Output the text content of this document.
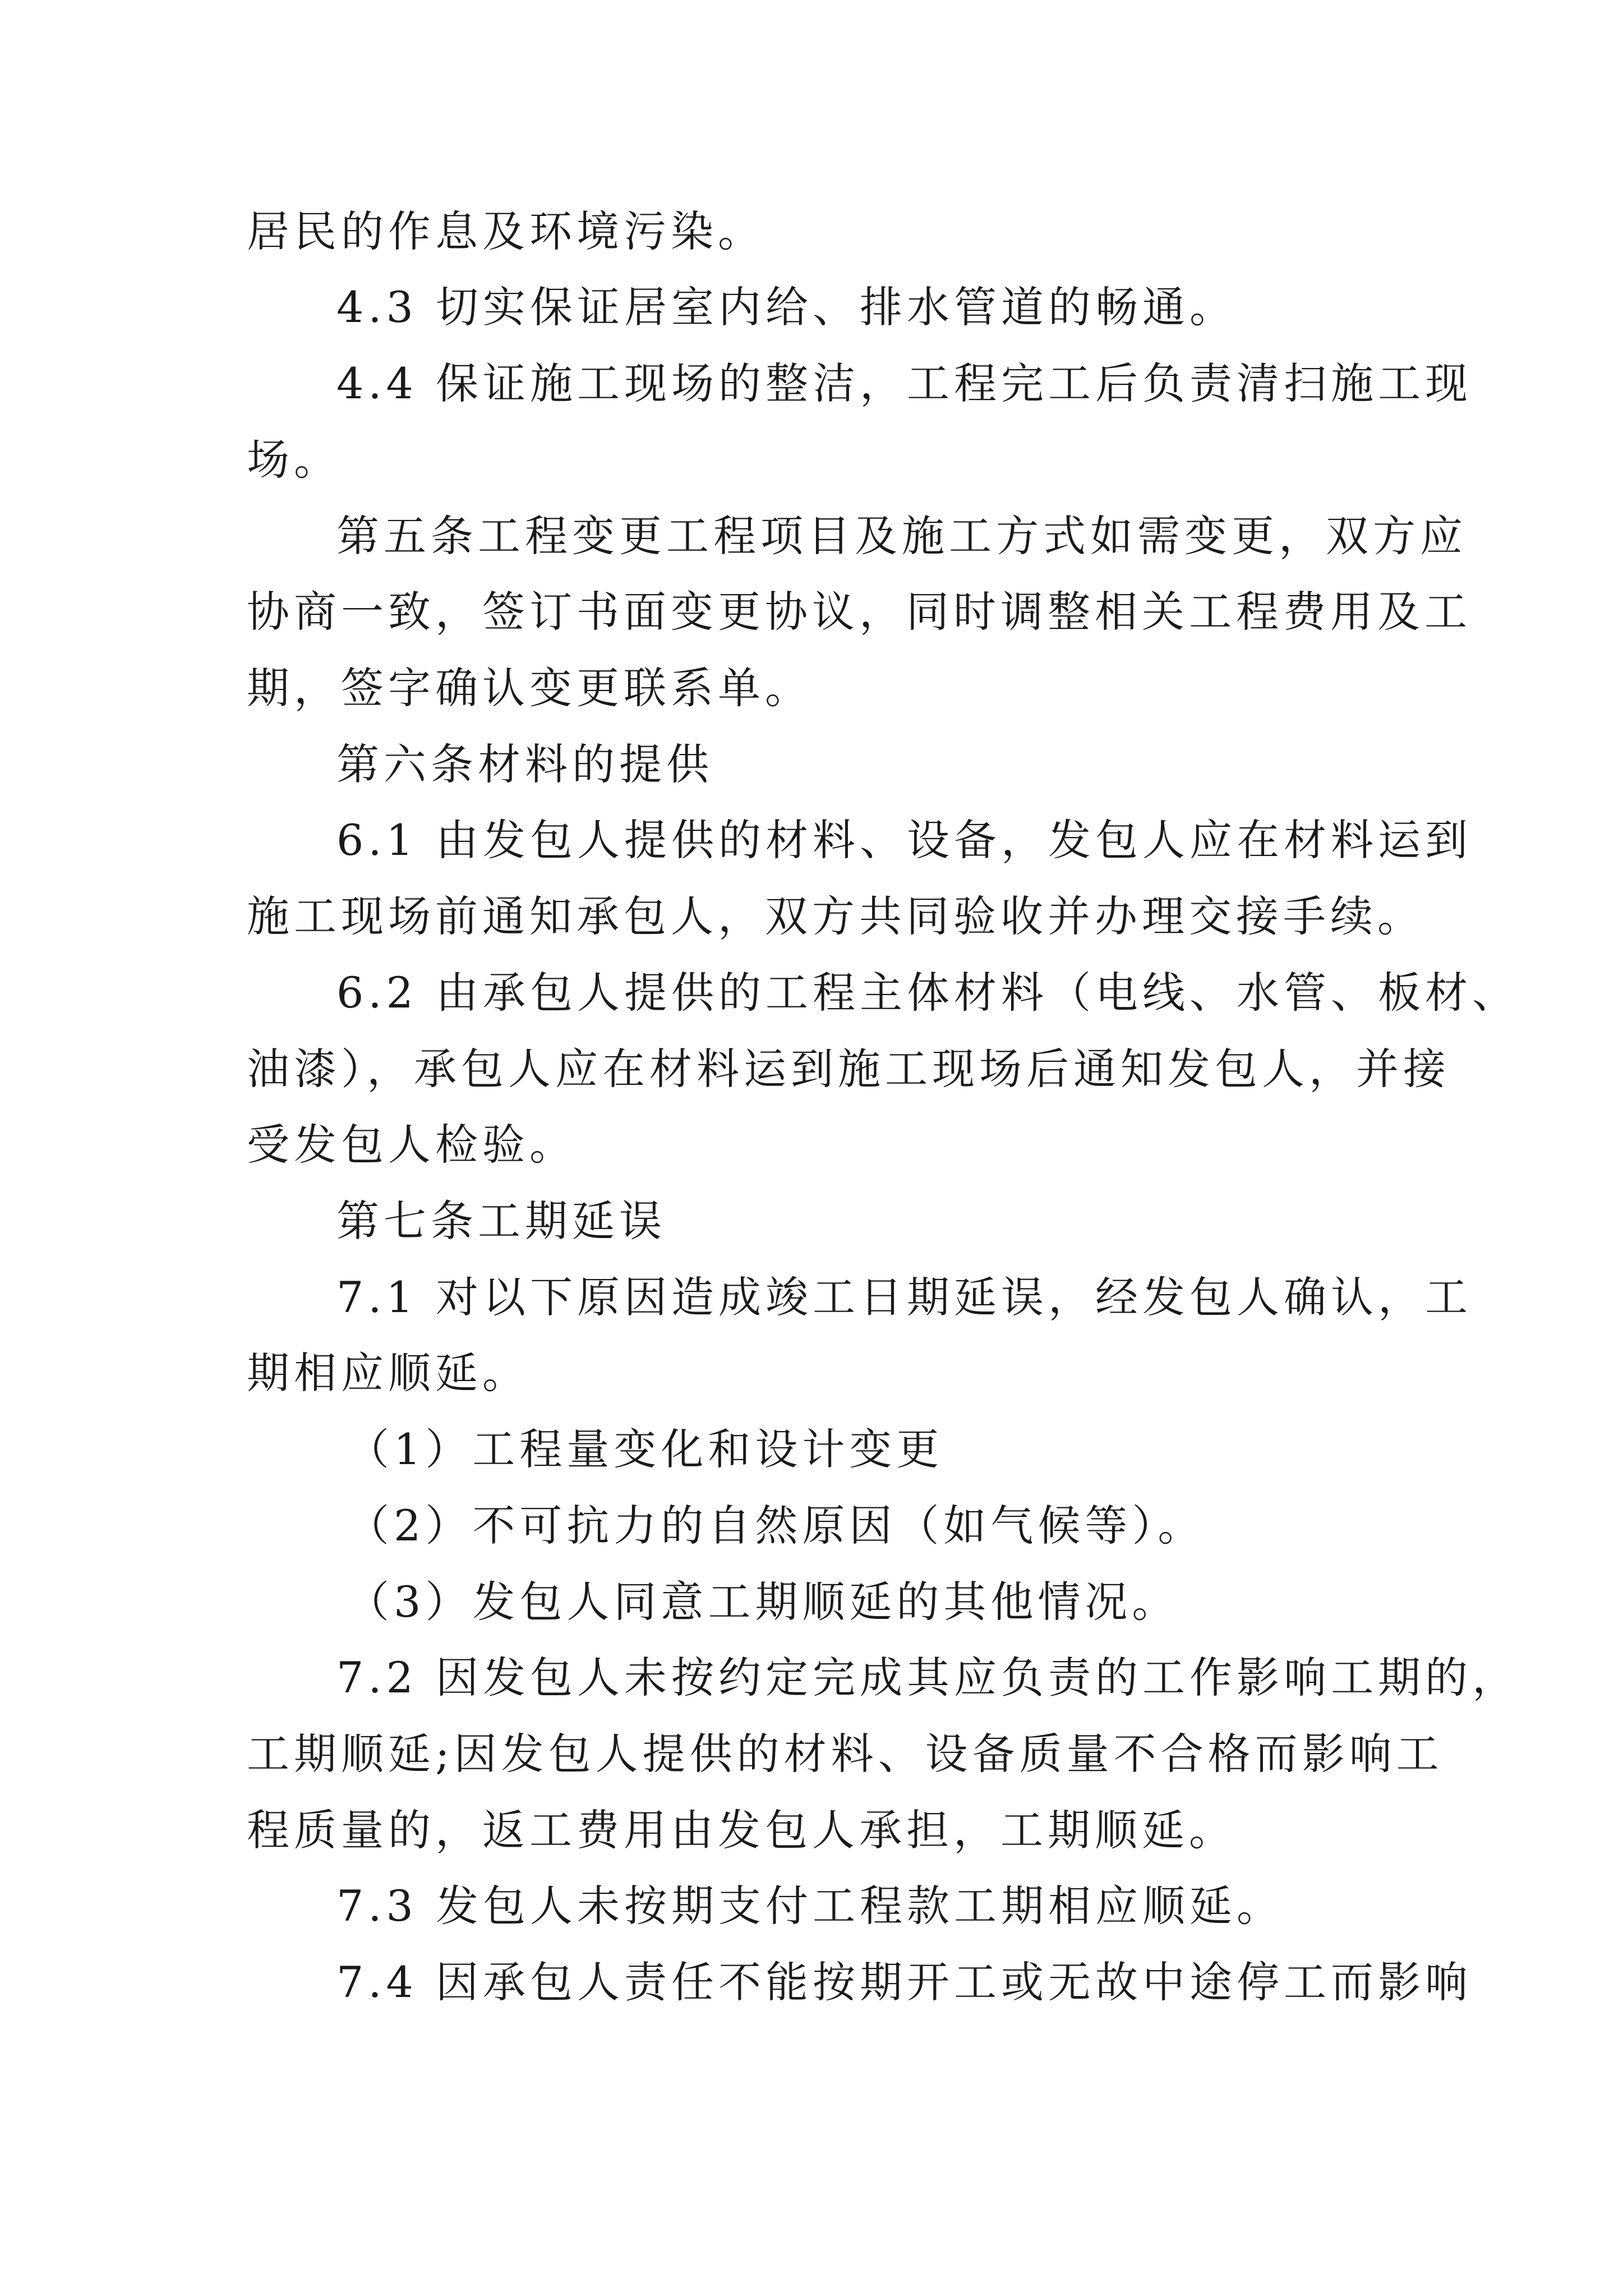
居民的作息及环境污染。
4.3 切实保证居室内给、排水管道的畅通。
4.4 保证施工现场的整洁，工程完工后负责清扫施工现
场。
第五条工程变更工程项目及施工方式如需变更，双方应
协商一致，签订书面变更协议，同时调整相关工程费用及工
期，签字确认变更联系单。
第六条材料的提供
6.1 由发包人提供的材料、设备，发包人应在材料运到
施工现场前通知承包人，双方共同验收并办理交接手续。
6.2 由承包人提供的工程主体材料（电线、水管、板材、
油漆），承包人应在材料运到施工现场后通知发包人，并接
受发包人检验。
第七条工期延误
7.1 对以下原因造成竣工日期延误，经发包人确认，工
期相应顺延。
（1）工程量变化和设计变更
（2）不可抗力的自然原因（如气候等）。
（3）发包人同意工期顺延的其他情况。
7.2 因发包人未按约定完成其应负责的工作影响工期的，
工期顺延;因发包人提供的材料、设备质量不合格而影响工
程质量的，返工费用由发包人承担，工期顺延。
7.3 发包人未按期支付工程款工期相应顺延。
7.4 因承包人责任不能按期开工或无故中途停工而影响
